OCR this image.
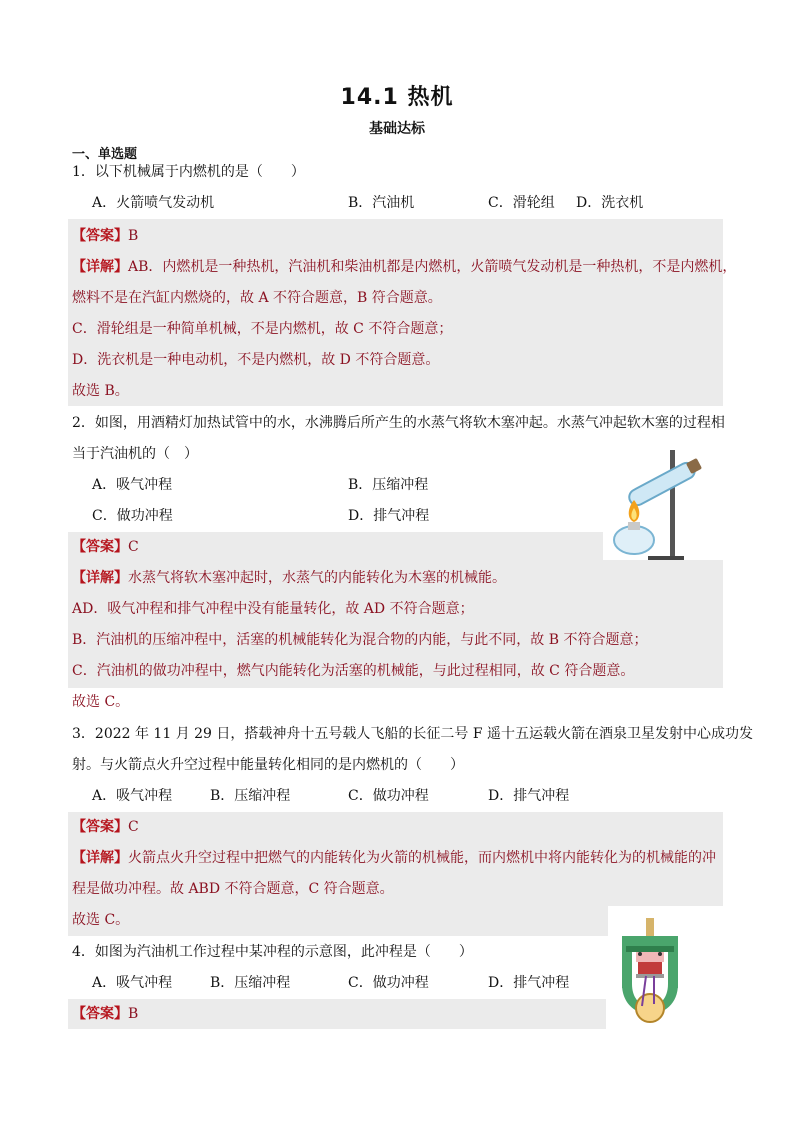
14.1 热机
基础达标
一、单选题
1．以下机械属于内燃机的是（　　）
A．火箭喷气发动机	B．汽油机	C．滑轮组 D．洗衣机
【答案】B
【详解】AB．内燃机是一种热机，汽油机和柴油机都是内燃机，火箭喷气发动机是一种热机，不是内燃机，
燃料不是在汽缸内燃烧的，故 A 不符合题意，B 符合题意。
C．滑轮组是一种简单机械，不是内燃机，故 C 不符合题意；
D．洗衣机是一种电动机，不是内燃机，故 D 不符合题意。
故选 B。
2．如图，用酒精灯加热试管中的水，水沸腾后所产生的水蒸气将软木塞冲起。水蒸气冲起软木塞的过程相
当于汽油机的（　）
A．吸气冲程	B．压缩冲程
C．做功冲程	D．排气冲程
【答案】C
【详解】水蒸气将软木塞冲起时，水蒸气的内能转化为木塞的机械能。
AD．吸气冲程和排气冲程中没有能量转化，故 AD 不符合题意；
B．汽油机的压缩冲程中，活塞的机械能转化为混合物的内能，与此不同，故 B 不符合题意；
C．汽油机的做功冲程中，燃气内能转化为活塞的机械能，与此过程相同，故 C 符合题意。
故选 C。
3．2022 年 11 月 29 日，搭载神舟十五号载人飞船的长征二号 F 遥十五运载火箭在酒泉卫星发射中心成功发
射。与火箭点火升空过程中能量转化相同的是内燃机的（　　）
A．吸气冲程	B．压缩冲程	C．做功冲程	D．排气冲程
【答案】C
【详解】火箭点火升空过程中把燃气的内能转化为火箭的机械能，而内燃机中将内能转化为的机械能的冲
程是做功冲程。故 ABD 不符合题意，C 符合题意。
故选 C。
4．如图为汽油机工作过程中某冲程的示意图，此冲程是（　　）
A．吸气冲程	B．压缩冲程	C．做功冲程	D．排气冲程
【答案】B
